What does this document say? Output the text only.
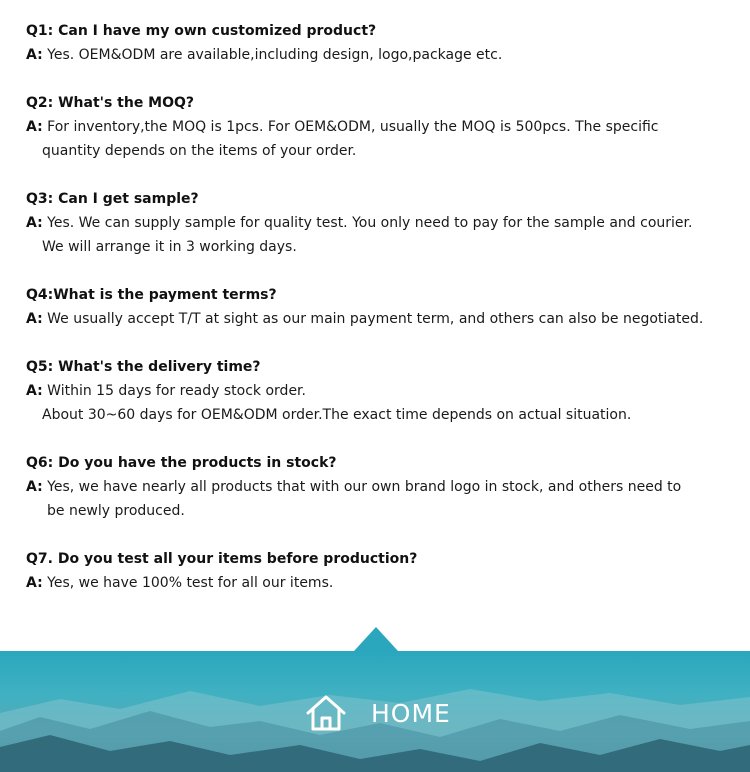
Q1: Can I have my own customized product?
A: Yes. OEM&ODM are available,including design, logo,package etc.
Q2: What's the MOQ?
A: For inventory,the MOQ is 1pcs. For OEM&ODM, usually the MOQ is 500pcs. The specific
quantity depends on the items of your order.
Q3: Can I get sample?
A: Yes. We can supply sample for quality test. You only need to pay for the sample and courier.
We will arrange it in 3 working days.
Q4:What is the payment terms?
A: We usually accept T/T at sight as our main payment term, and others can also be negotiated.
Q5: What's the delivery time?
A: Within 15 days for ready stock order.
About 30~60 days for OEM&ODM order.The exact time depends on actual situation.
Q6: Do you have the products in stock?
A: Yes, we have nearly all products that with our own brand logo in stock, and others need to
be newly produced.
Q7. Do you test all your items before production?
A: Yes, we have 100% test for all our items.
HOME
